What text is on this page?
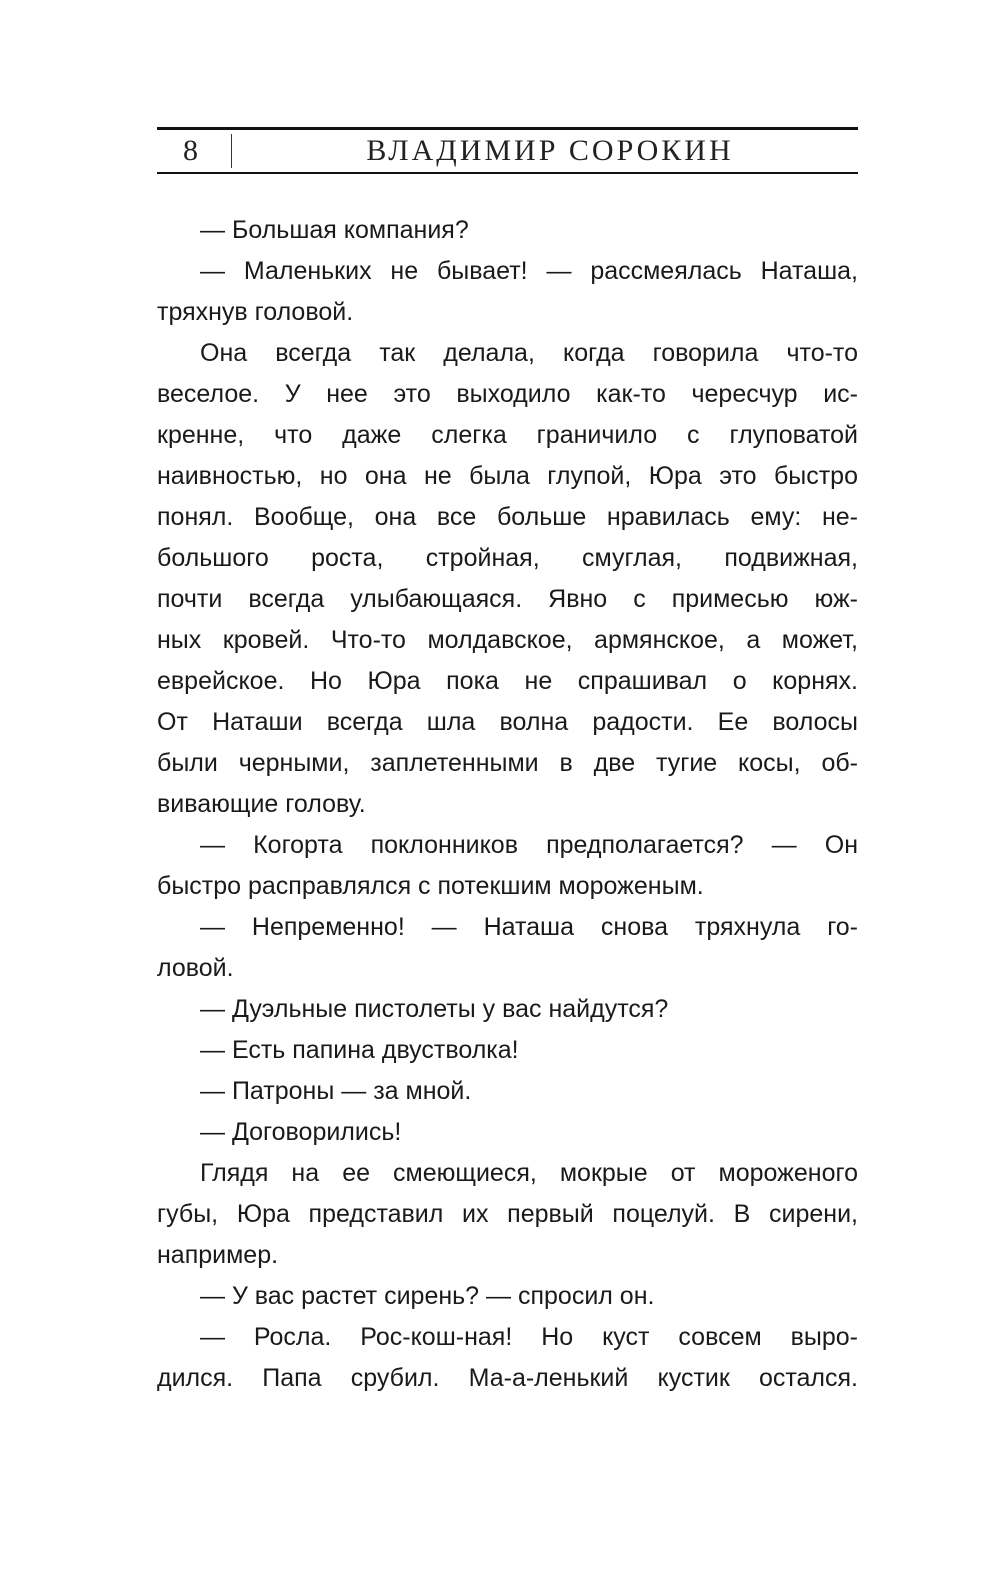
8	ВЛАДИМИР СОРОКИН
— Большая компания?
— Маленьких не бывает! — рассмеялась Наташа,
тряхнув головой.
Она всегда так делала, когда говорила что-то
веселое. У нее это выходило как-то чересчур ис-
кренне, что даже слегка граничило с глуповатой
наивностью, но она не была глупой, Юра это быстро
понял. Вообще, она все больше нравилась ему: не-
большого роста, стройная, смуглая, подвижная,
почти всегда улыбающаяся. Явно с примесью юж-
ных кровей. Что-то молдавское, армянское, а может,
еврейское. Но Юра пока не спрашивал о корнях.
От Наташи всегда шла волна радости. Ее волосы
были черными, заплетенными в две тугие косы, об-
вивающие голову.
— Когорта поклонников предполагается? — Он
быстро расправлялся с потекшим мороженым.
— Непременно! — Наташа снова тряхнула го-
ловой.
— Дуэльные пистолеты у вас найдутся?
— Есть папина двустволка!
— Патроны — за мной.
— Договорились!
Глядя на ее смеющиеся, мокрые от мороженого
губы, Юра представил их первый поцелуй. В сирени,
например.
— У вас растет сирень? — спросил он.
— Росла. Рос-кош-ная! Но куст совсем выро-
дился. Папа срубил. Ма-а-ленький кустик остался.
